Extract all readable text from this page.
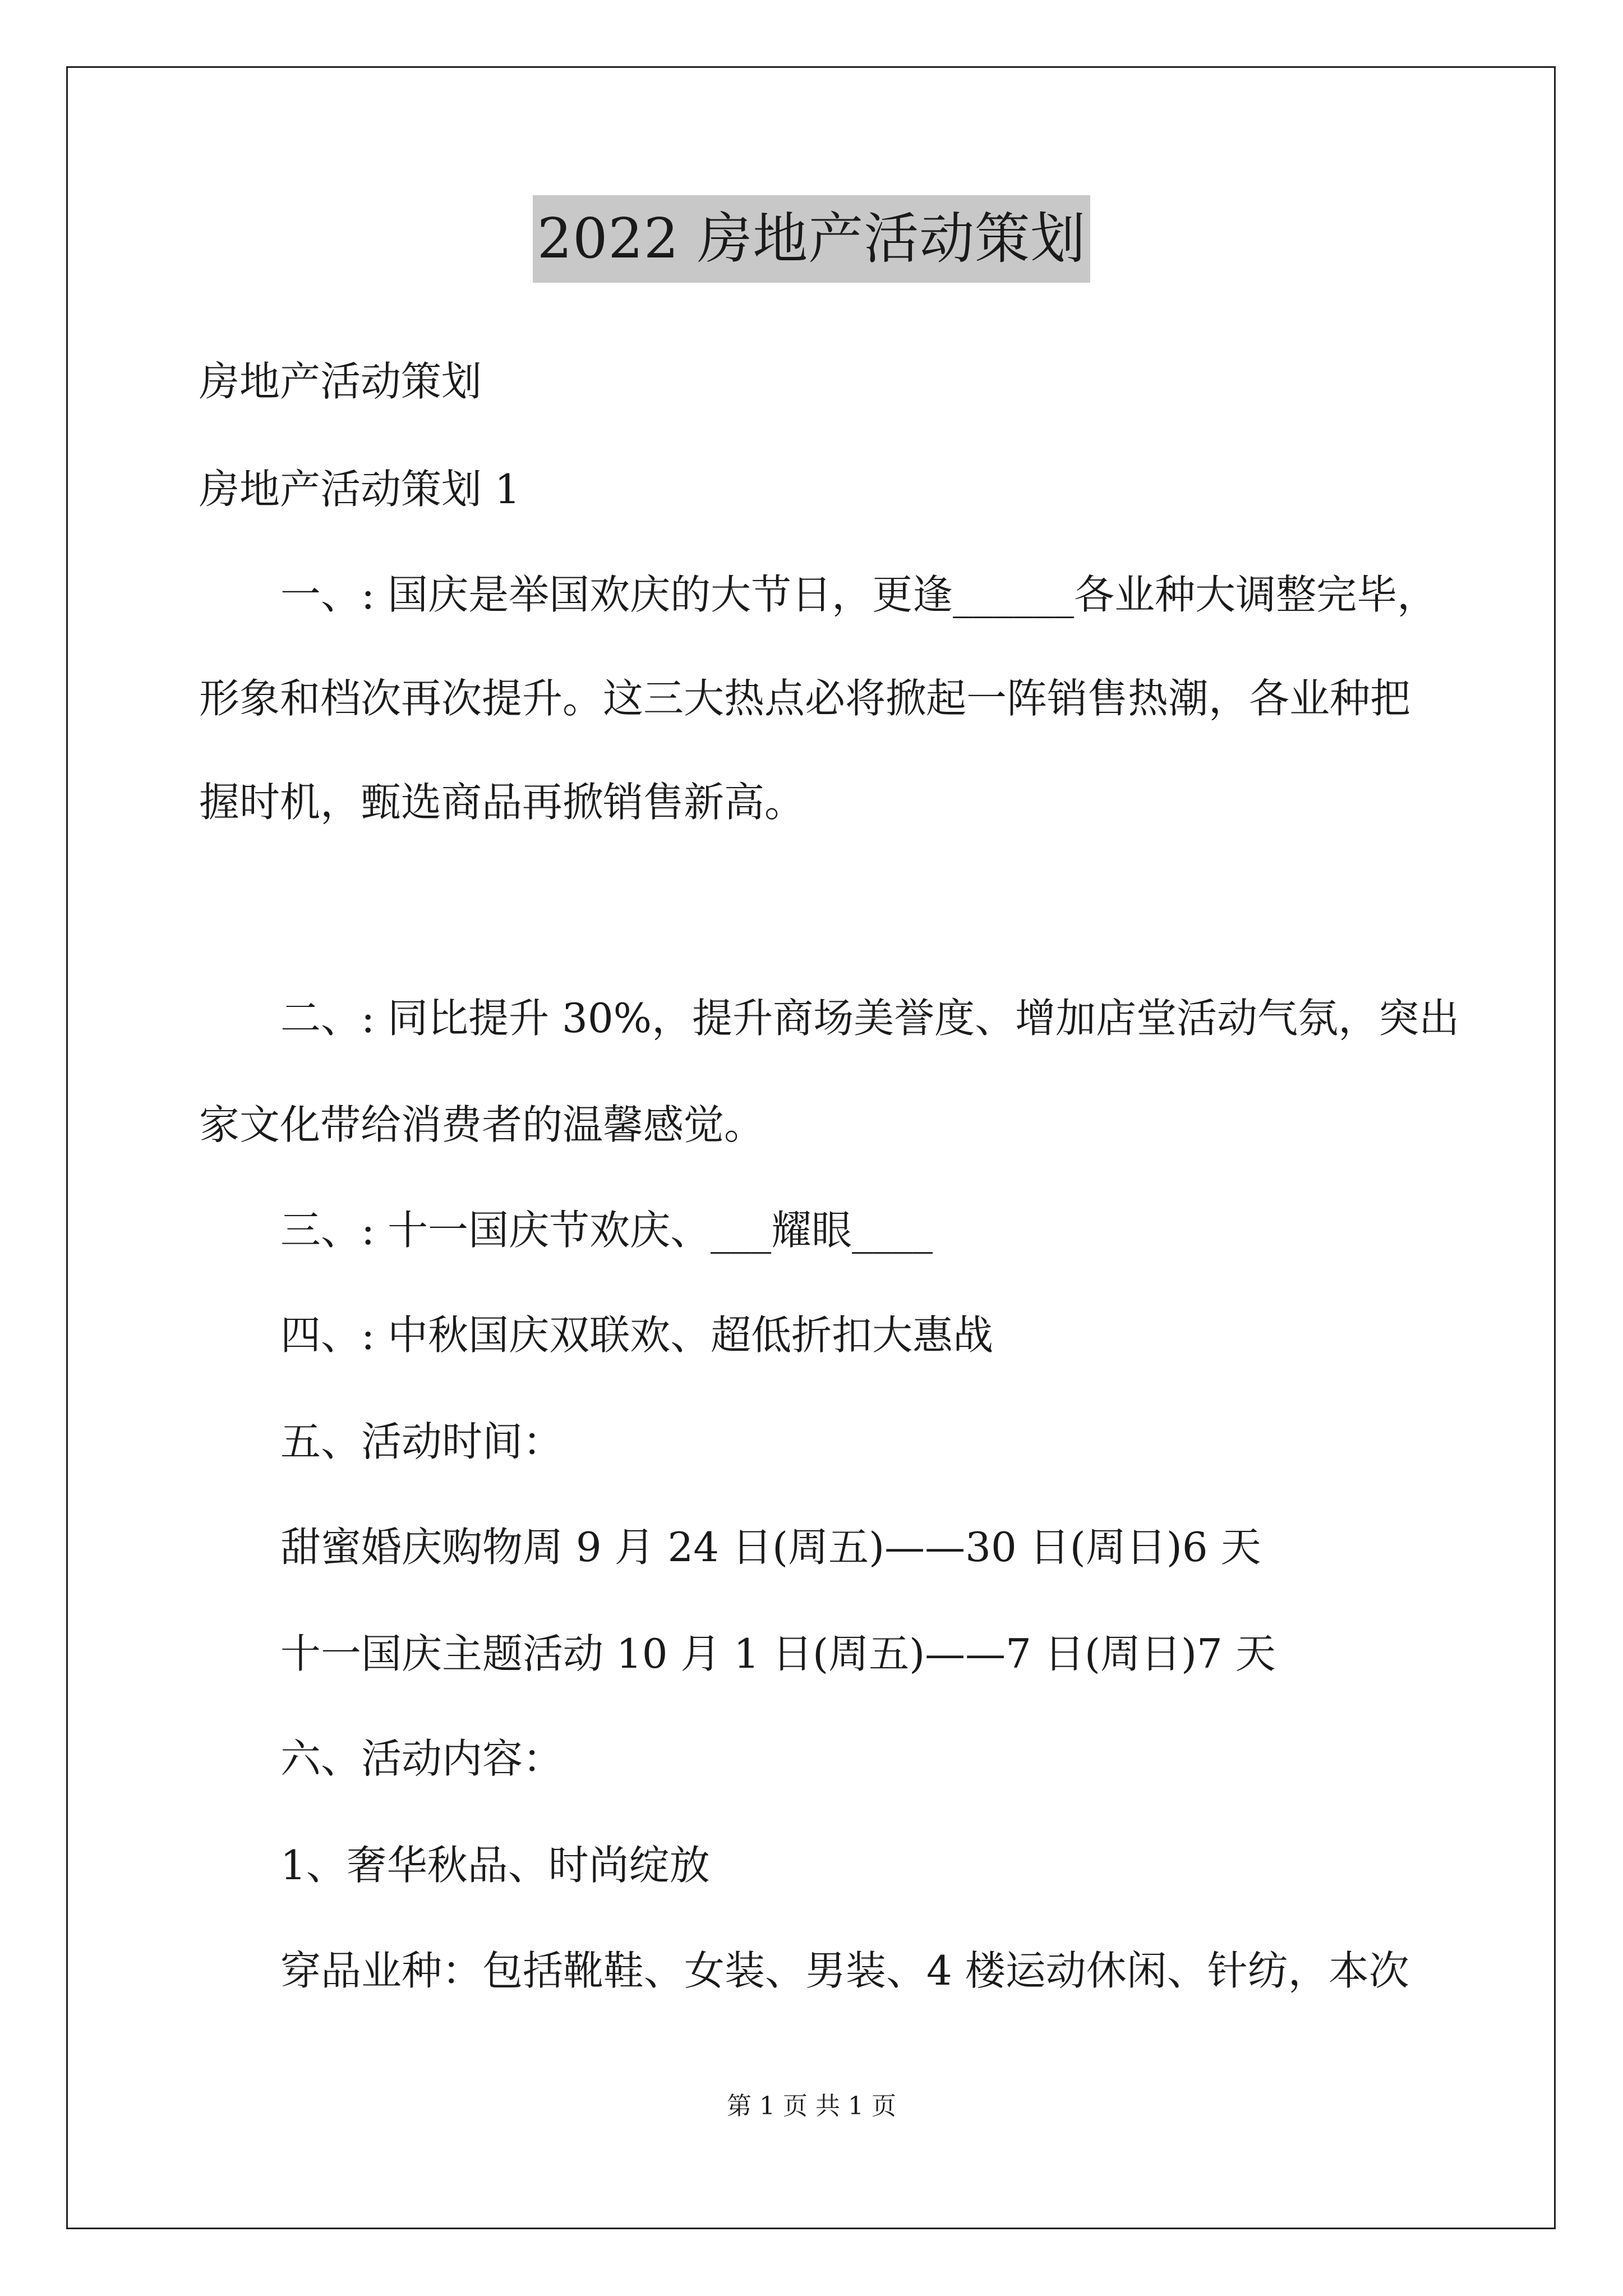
2022 房地产活动策划
房地产活动策划
房地产活动策划 1
一、: 国庆是举国欢庆的大节日，更逢______各业种大调整完毕，
形象和档次再次提升。这三大热点必将掀起一阵销售热潮，各业种把
握时机，甄选商品再掀销售新高。
二、: 同比提升 30%，提升商场美誉度、增加店堂活动气氛，突出
家文化带给消费者的温馨感觉。
三、: 十一国庆节欢庆、___耀眼____
四、: 中秋国庆双联欢、超低折扣大惠战
五、活动时间：
甜蜜婚庆购物周 9 月 24 日(周五)——30 日(周日)6 天
十一国庆主题活动 10 月 1 日(周五)——7 日(周日)7 天
六、活动内容：
1、奢华秋品、时尚绽放
穿品业种：包括靴鞋、女装、男装、4 楼运动休闲、针纺，本次
第 1 页 共 1 页
